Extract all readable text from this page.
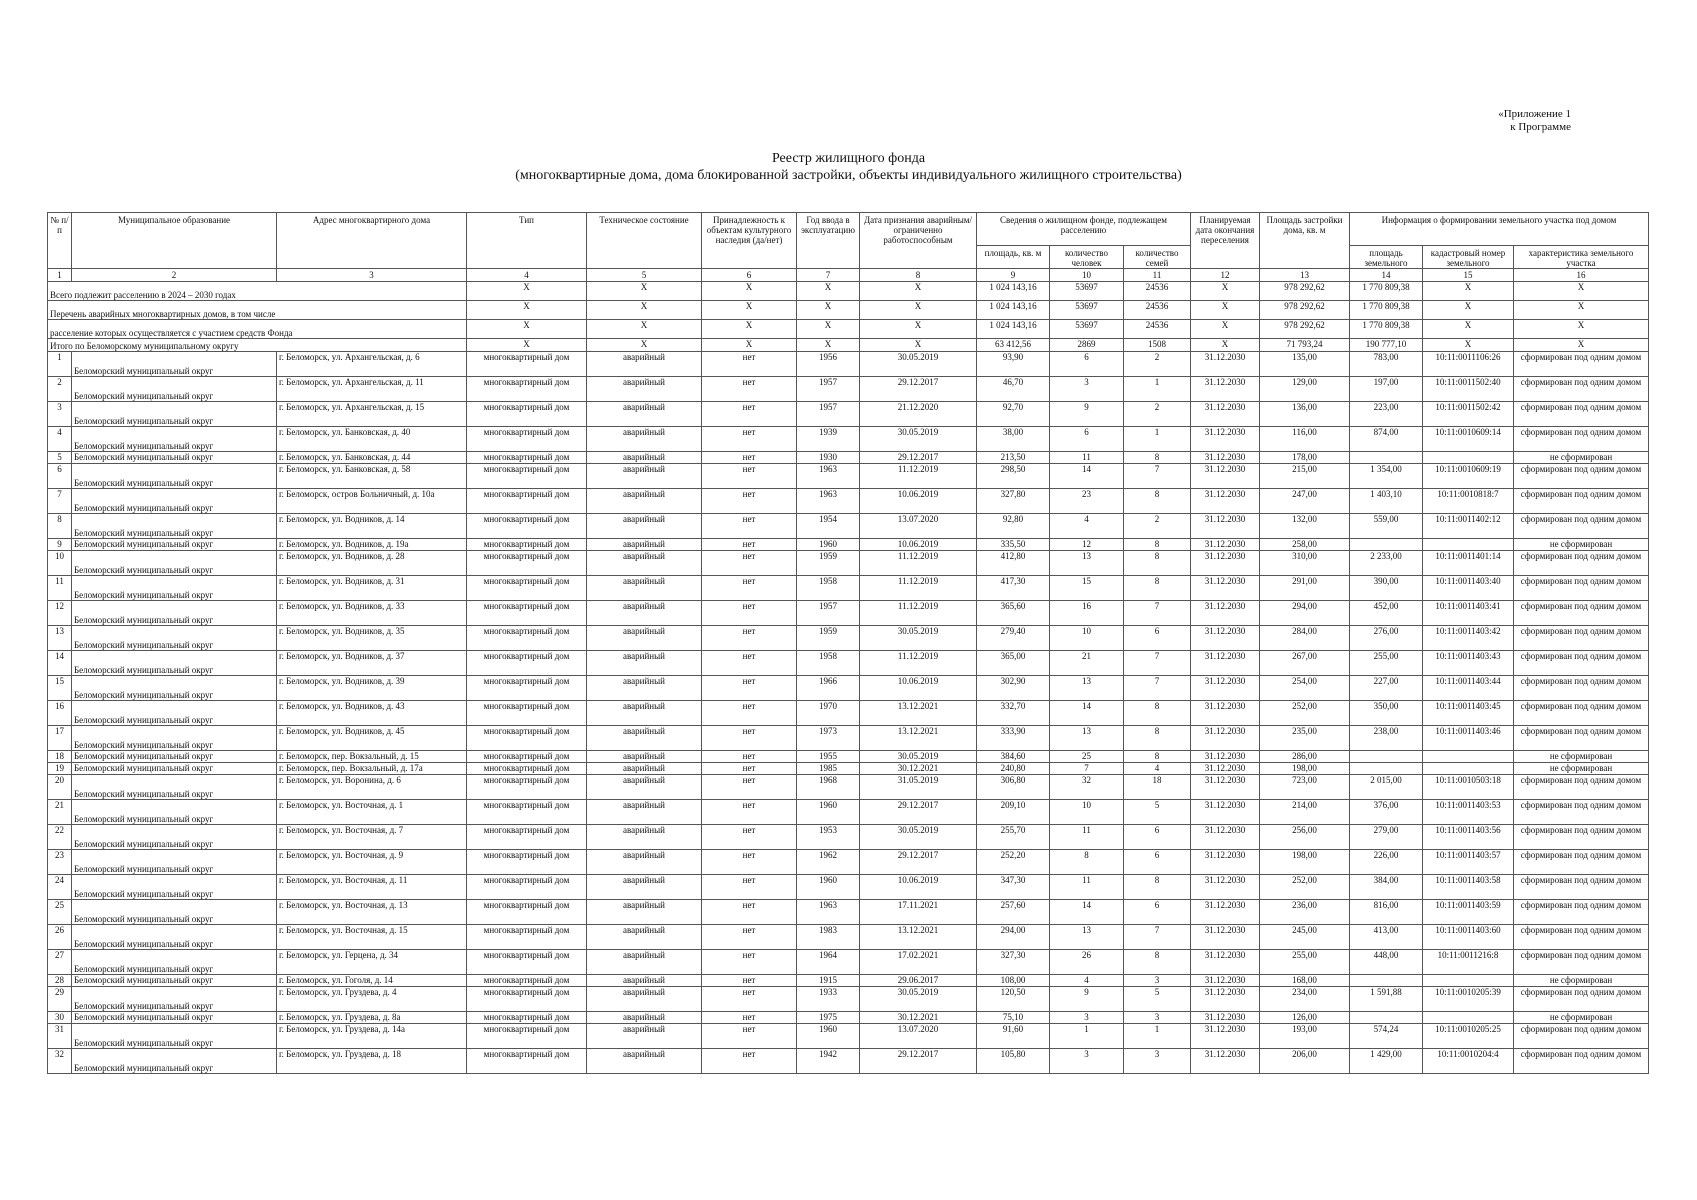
«Приложение 1
к Программе
Реестр жилищного фонда
(многоквартирные дома, дома блокированной застройки, объекты индивидуального жилищного строительства)
№ п/п	Муниципальное образование	Адрес многоквартирного дома	Тип	Техническое состояние	Принадлежность к объектам культурного наследия (да/нет)	Год ввода в эксплуатацию	Дата признания аварийным/ограниченно работоспособным	Сведения о жилищном фонде, подлежащем расселению			Планируемая дата окончания переселения	Площадь застройки дома, кв. м	Информация о формировании земельного участка под домом		
								площадь, кв. м	количество человек	количество семей			площадь земельного	кадастровый номер земельного	характеристика земельного участка
1	2	3	4	5	6	7	8	9	10	11	12	13	14	15	16
Всего подлежит расселению в 2024 – 2030 годах			X	X	X	X	X	1 024 143,16	53697	24536	X	978 292,62	1 770 809,38	X	X
Перечень аварийных многоквартирных домов, в том числе			X	X	X	X	X	1 024 143,16	53697	24536	X	978 292,62	1 770 809,38	X	X
расселение которых осуществляется с участием средств Фонда			X	X	X	X	X	1 024 143,16	53697	24536	X	978 292,62	1 770 809,38	X	X
Итого по Беломорскому муниципальному округу			X	X	X	X	X	63 412,56	2869	1508	X	71 793,24	190 777,10	X	X
1	Беломорский муниципальный округ	г. Беломорск, ул. Архангельская, д. 6	многоквартирный дом	аварийный	нет	1956	30.05.2019	93,90	6	2	31.12.2030	135,00	783,00	10:11:0011106:26	сформирован под одним домом
2	Беломорский муниципальный округ	г. Беломорск, ул. Архангельская, д. 11	многоквартирный дом	аварийный	нет	1957	29.12.2017	46,70	3	1	31.12.2030	129,00	197,00	10:11:0011502:40	сформирован под одним домом
3	Беломорский муниципальный округ	г. Беломорск, ул. Архангельская, д. 15	многоквартирный дом	аварийный	нет	1957	21.12.2020	92,70	9	2	31.12.2030	136,00	223,00	10:11:0011502:42	сформирован под одним домом
4	Беломорский муниципальный округ	г. Беломорск, ул. Банковская, д. 40	многоквартирный дом	аварийный	нет	1939	30.05.2019	38,00	6	1	31.12.2030	116,00	874,00	10:11:0010609:14	сформирован под одним домом
5	Беломорский муниципальный округ	г. Беломорск, ул. Банковская, д. 44	многоквартирный дом	аварийный	нет	1930	29.12.2017	213,50	11	8	31.12.2030	178,00			не сформирован
6	Беломорский муниципальный округ	г. Беломорск, ул. Банковская, д. 58	многоквартирный дом	аварийный	нет	1963	11.12.2019	298,50	14	7	31.12.2030	215,00	1 354,00	10:11:0010609:19	сформирован под одним домом
7	Беломорский муниципальный округ	г. Беломорск, остров Больничный, д. 10а	многоквартирный дом	аварийный	нет	1963	10.06.2019	327,80	23	8	31.12.2030	247,00	1 403,10	10:11:0010818:7	сформирован под одним домом
8	Беломорский муниципальный округ	г. Беломорск, ул. Водников, д. 14	многоквартирный дом	аварийный	нет	1954	13.07.2020	92,80	4	2	31.12.2030	132,00	559,00	10:11:0011402:12	сформирован под одним домом
9	Беломорский муниципальный округ	г. Беломорск, ул. Водников, д. 19а	многоквартирный дом	аварийный	нет	1960	10.06.2019	335,50	12	8	31.12.2030	258,00			не сформирован
10	Беломорский муниципальный округ	г. Беломорск, ул. Водников, д. 28	многоквартирный дом	аварийный	нет	1959	11.12.2019	412,80	13	8	31.12.2030	310,00	2 233,00	10:11:0011401:14	сформирован под одним домом
11	Беломорский муниципальный округ	г. Беломорск, ул. Водников, д. 31	многоквартирный дом	аварийный	нет	1958	11.12.2019	417,30	15	8	31.12.2030	291,00	390,00	10:11:0011403:40	сформирован под одним домом
12	Беломорский муниципальный округ	г. Беломорск, ул. Водников, д. 33	многоквартирный дом	аварийный	нет	1957	11.12.2019	365,60	16	7	31.12.2030	294,00	452,00	10:11:0011403:41	сформирован под одним домом
13	Беломорский муниципальный округ	г. Беломорск, ул. Водников, д. 35	многоквартирный дом	аварийный	нет	1959	30.05.2019	279,40	10	6	31.12.2030	284,00	276,00	10:11:0011403:42	сформирован под одним домом
14	Беломорский муниципальный округ	г. Беломорск, ул. Водников, д. 37	многоквартирный дом	аварийный	нет	1958	11.12.2019	365,00	21	7	31.12.2030	267,00	255,00	10:11:0011403:43	сформирован под одним домом
15	Беломорский муниципальный округ	г. Беломорск, ул. Водников, д. 39	многоквартирный дом	аварийный	нет	1966	10.06.2019	302,90	13	7	31.12.2030	254,00	227,00	10:11:0011403:44	сформирован под одним домом
16	Беломорский муниципальный округ	г. Беломорск, ул. Водников, д. 43	многоквартирный дом	аварийный	нет	1970	13.12.2021	332,70	14	8	31.12.2030	252,00	350,00	10:11:0011403:45	сформирован под одним домом
17	Беломорский муниципальный округ	г. Беломорск, ул. Водников, д. 45	многоквартирный дом	аварийный	нет	1973	13.12.2021	333,90	13	8	31.12.2030	235,00	238,00	10:11:0011403:46	сформирован под одним домом
18	Беломорский муниципальный округ	г. Беломорск, пер. Вокзальный, д. 15	многоквартирный дом	аварийный	нет	1955	30.05.2019	384,60	25	8	31.12.2030	286,00			не сформирован
19	Беломорский муниципальный округ	г. Беломорск, пер. Вокзальный, д. 17а	многоквартирный дом	аварийный	нет	1985	30.12.2021	240,80	7	4	31.12.2030	198,00			не сформирован
20	Беломорский муниципальный округ	г. Беломорск, ул. Воронина, д. 6	многоквартирный дом	аварийный	нет	1968	31.05.2019	306,80	32	18	31.12.2030	723,00	2 015,00	10:11:0010503:18	сформирован под одним домом
21	Беломорский муниципальный округ	г. Беломорск, ул. Восточная, д. 1	многоквартирный дом	аварийный	нет	1960	29.12.2017	209,10	10	5	31.12.2030	214,00	376,00	10:11:0011403:53	сформирован под одним домом
22	Беломорский муниципальный округ	г. Беломорск, ул. Восточная, д. 7	многоквартирный дом	аварийный	нет	1953	30.05.2019	255,70	11	6	31.12.2030	256,00	279,00	10:11:0011403:56	сформирован под одним домом
23	Беломорский муниципальный округ	г. Беломорск, ул. Восточная, д. 9	многоквартирный дом	аварийный	нет	1962	29.12.2017	252,20	8	6	31.12.2030	198,00	226,00	10:11:0011403:57	сформирован под одним домом
24	Беломорский муниципальный округ	г. Беломорск, ул. Восточная, д. 11	многоквартирный дом	аварийный	нет	1960	10.06.2019	347,30	11	8	31.12.2030	252,00	384,00	10:11:0011403:58	сформирован под одним домом
25	Беломорский муниципальный округ	г. Беломорск, ул. Восточная, д. 13	многоквартирный дом	аварийный	нет	1963	17.11.2021	257,60	14	6	31.12.2030	236,00	816,00	10:11:0011403:59	сформирован под одним домом
26	Беломорский муниципальный округ	г. Беломорск, ул. Восточная, д. 15	многоквартирный дом	аварийный	нет	1983	13.12.2021	294,00	13	7	31.12.2030	245,00	413,00	10:11:0011403:60	сформирован под одним домом
27	Беломорский муниципальный округ	г. Беломорск, ул. Герцена, д. 34	многоквартирный дом	аварийный	нет	1964	17.02.2021	327,30	26	8	31.12.2030	255,00	448,00	10:11:0011216:8	сформирован под одним домом
28	Беломорский муниципальный округ	г. Беломорск, ул. Гоголя, д. 14	многоквартирный дом	аварийный	нет	1915	29.06.2017	108,00	4	3	31.12.2030	168,00			не сформирован
29	Беломорский муниципальный округ	г. Беломорск, ул. Груздева, д. 4	многоквартирный дом	аварийный	нет	1933	30.05.2019	120,50	9	5	31.12.2030	234,00	1 591,88	10:11:0010205:39	сформирован под одним домом
30	Беломорский муниципальный округ	г. Беломорск, ул. Груздева, д. 8а	многоквартирный дом	аварийный	нет	1975	30.12.2021	75,10	3	3	31.12.2030	126,00			не сформирован
31	Беломорский муниципальный округ	г. Беломорск, ул. Груздева, д. 14а	многоквартирный дом	аварийный	нет	1960	13.07.2020	91,60	1	1	31.12.2030	193,00	574,24	10:11:0010205:25	сформирован под одним домом
32	Беломорский муниципальный округ	г. Беломорск, ул. Груздева, д. 18	многоквартирный дом	аварийный	нет	1942	29.12.2017	105,80	3	3	31.12.2030	206,00	1 429,00	10:11:0010204:4	сформирован под одним домом
